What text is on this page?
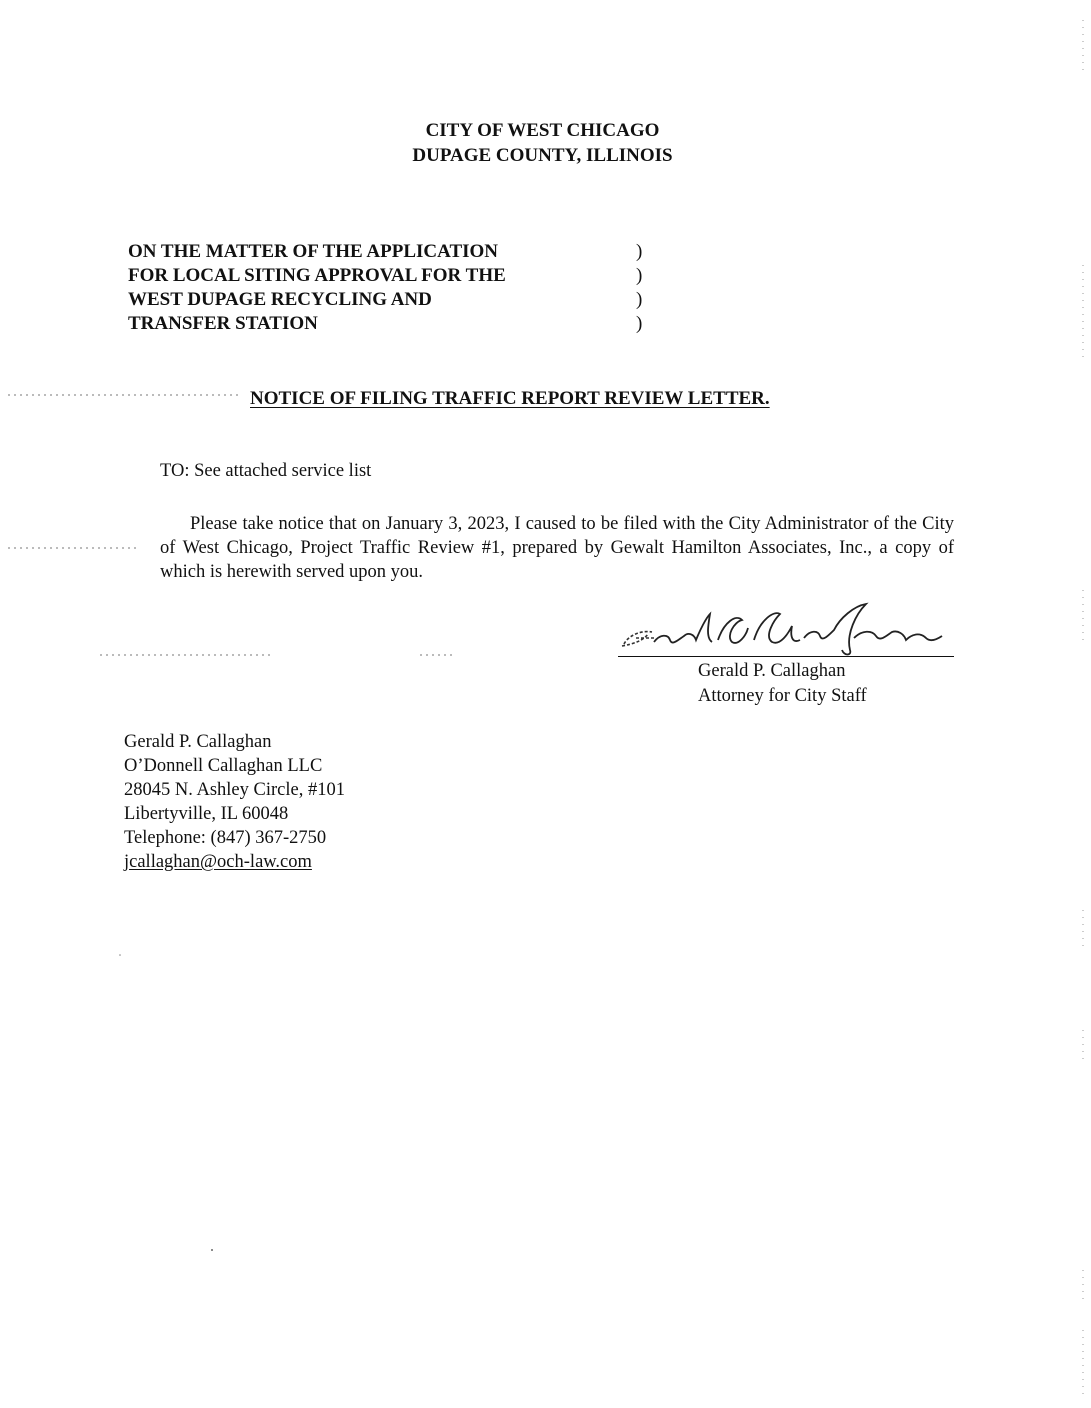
CITY OF WEST CHICAGO
DUPAGE COUNTY, ILLINOIS
ON THE MATTER OF THE APPLICATION
FOR LOCAL SITING APPROVAL FOR THE
WEST DUPAGE RECYCLING AND
TRANSFER STATION
)
)
)
)
NOTICE OF FILING TRAFFIC REPORT REVIEW LETTER.
TO: See attached service list
Please take notice that on January 3, 2023, I caused to be filed with the City Administrator of the City of West Chicago, Project Traffic Review #1, prepared by Gewalt Hamilton Associates, Inc., a copy of which is herewith served upon you.
Gerald P. Callaghan
Attorney for City Staff
Gerald P. Callaghan
O’Donnell Callaghan LLC
28045 N. Ashley Circle, #101
Libertyville, IL 60048
Telephone: (847) 367-2750
jcallaghan@och-law.com
